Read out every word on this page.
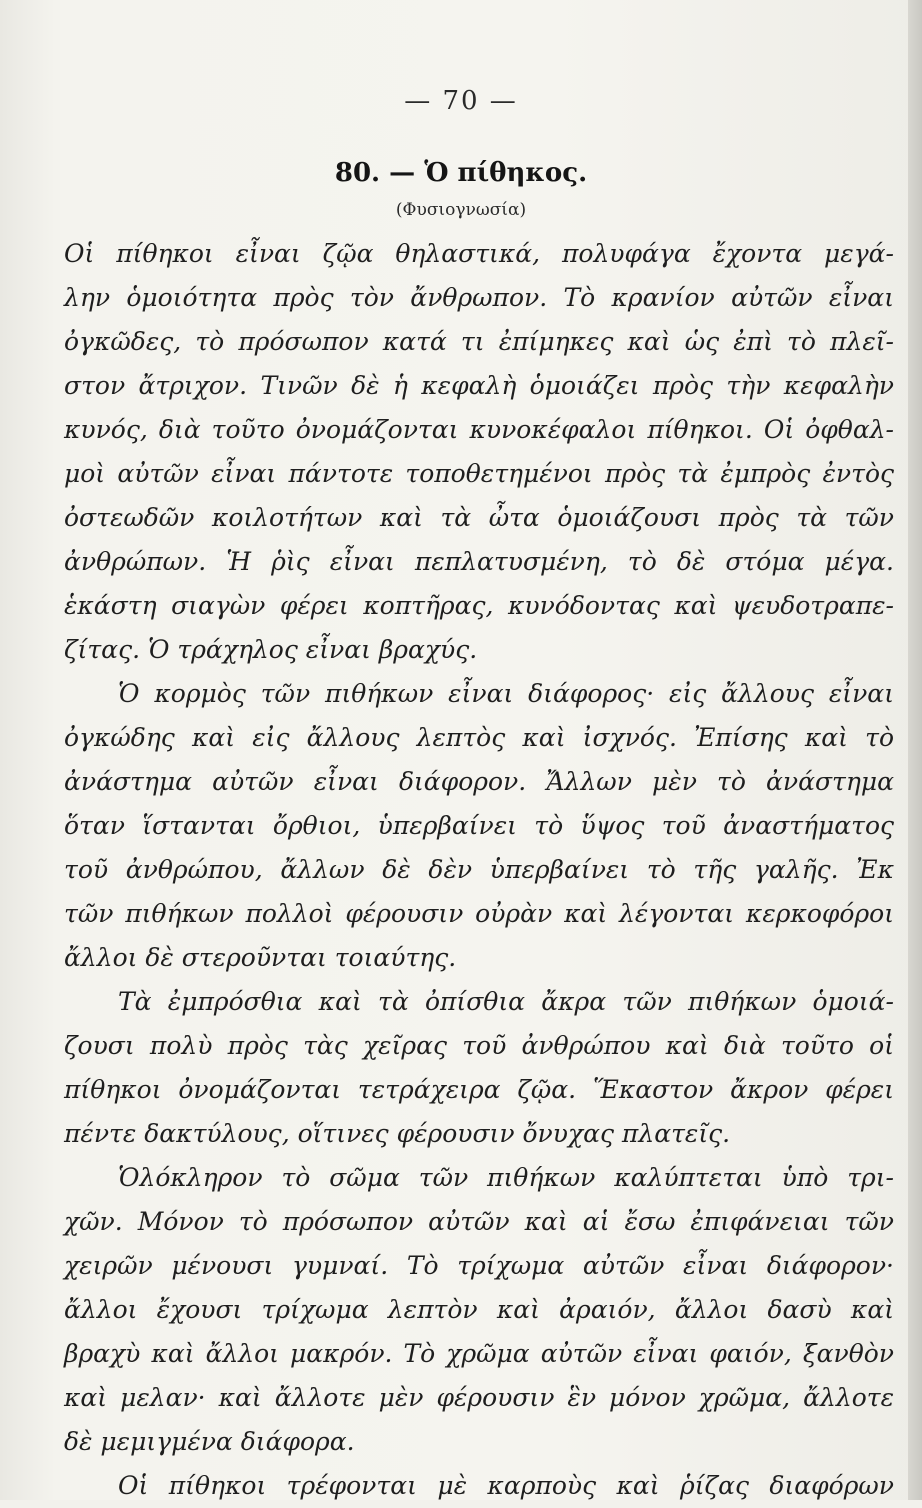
— 70 —
80. — Ὁ πίθηκος.
(Φυσιογνωσία)

Οἱ πίθηκοι εἶναι ζῷα θηλαστικά, πολυφάγα ἔχοντα μεγά-
λην ὁμοιότητα πρὸς τὸν ἄνθρωπον. Τὸ κρανίον αὐτῶν εἶναι
ὀγκῶδες, τὸ πρόσωπον κατά τι ἐπίμηκες καὶ ὡς ἐπὶ τὸ πλεῖ-
στον ἄτριχον. Τινῶν δὲ ἡ κεφαλὴ ὁμοιάζει πρὸς τὴν κεφαλὴν
κυνός, διὰ τοῦτο ὀνομάζονται κυνοκέφαλοι πίθηκοι. Οἱ ὀφθαλ-
μοὶ αὐτῶν εἶναι πάντοτε τοποθετημένοι πρὸς τὰ ἐμπρὸς ἐντὸς
ὀστεωδῶν κοιλοτήτων καὶ τὰ ὦτα ὁμοιάζουσι πρὸς τὰ τῶν
ἀνθρώπων. Ἡ ῥὶς εἶναι πεπλατυσμένη, τὸ δὲ στόμα μέγα.
ἑκάστη σιαγὼν φέρει κοπτῆρας, κυνόδοντας καὶ ψευδοτραπε-
ζίτας. Ὁ τράχηλος εἶναι βραχύς.

Ὁ κορμὸς τῶν πιθήκων εἶναι διάφορος· εἰς ἄλλους εἶναι
ὀγκώδης καὶ εἰς ἄλλους λεπτὸς καὶ ἰσχνός. Ἐπίσης καὶ τὸ
ἀνάστημα αὐτῶν εἶναι διάφορον. Ἄλλων μὲν τὸ ἀνάστημα
ὅταν ἵστανται ὄρθιοι, ὑπερβαίνει τὸ ὕψος τοῦ ἀναστήματος
τοῦ ἀνθρώπου, ἄλλων δὲ δὲν ὑπερβαίνει τὸ τῆς γαλῆς. Ἐκ
τῶν πιθήκων πολλοὶ φέρουσιν οὐρὰν καὶ λέγονται κερκοφόροι
ἄλλοι δὲ στεροῦνται τοιαύτης.

Τὰ ἐμπρόσθια καὶ τὰ ὀπίσθια ἄκρα τῶν πιθήκων ὁμοιά-
ζουσι πολὺ πρὸς τὰς χεῖρας τοῦ ἀνθρώπου καὶ διὰ τοῦτο οἱ
πίθηκοι ὀνομάζονται τετράχειρα ζῷα. Ἕκαστον ἄκρον φέρει
πέντε δακτύλους, οἵτινες φέρουσιν ὄνυχας πλατεῖς.

Ὁλόκληρον τὸ σῶμα τῶν πιθήκων καλύπτεται ὑπὸ τρι-
χῶν. Μόνον τὸ πρόσωπον αὐτῶν καὶ αἱ ἔσω ἐπιφάνειαι τῶν
χειρῶν μένουσι γυμναί. Τὸ τρίχωμα αὐτῶν εἶναι διάφορον·
ἄλλοι ἔχουσι τρίχωμα λεπτὸν καὶ ἀραιόν, ἄλλοι δασὺ καὶ
βραχὺ καὶ ἄλλοι μακρόν. Τὸ χρῶμα αὐτῶν εἶναι φαιόν, ξανθὸν
καὶ μελαν· καὶ ἄλλοτε μὲν φέρουσιν ἓν μόνον χρῶμα, ἄλλοτε
δὲ μεμιγμένα διάφορα.

Οἱ πίθηκοι τρέφονται μὲ καρποὺς καὶ ῥίζας διαφόρων
